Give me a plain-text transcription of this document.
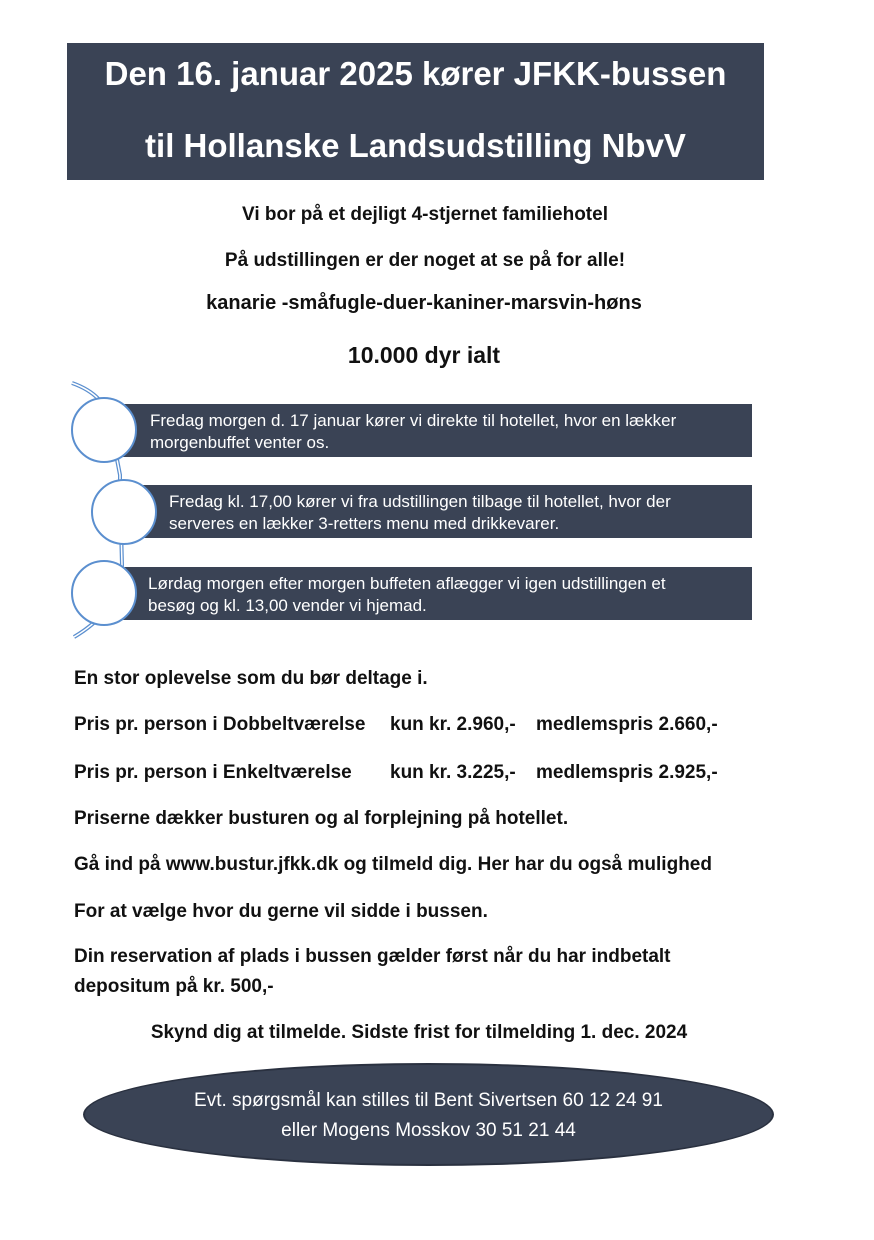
Den 16. januar 2025 kører JFKK-bussen
til Hollanske Landsudstilling NbvV
Vi bor på et dejligt 4-stjernet familiehotel
På udstillingen er der noget at se på for alle!
kanarie -småfugle-duer-kaniner-marsvin-høns
10.000 dyr ialt
Fredag morgen d. 17 januar kører vi direkte til hotellet, hvor en lækker
morgenbuffet venter os.
Fredag kl. 17,00 kører vi fra udstillingen tilbage til hotellet, hvor der
serveres en lækker 3-retters menu med drikkevarer.
Lørdag morgen efter morgen buffeten aflægger vi igen udstillingen et
besøg og kl. 13,00 vender vi hjemad.
En stor oplevelse som du bør deltage i.
Pris pr. person i Dobbeltværelse kun kr. 2.960,- medlemspris 2.660,-
Pris pr. person i Enkeltværelse kun kr. 3.225,- medlemspris 2.925,-
Priserne dækker busturen og al forplejning på hotellet.
Gå ind på www.bustur.jfkk.dk og tilmeld dig. Her har du også mulighed
For at vælge hvor du gerne vil sidde i bussen.
Din reservation af plads i bussen gælder først når du har indbetalt
depositum på kr. 500,-
Skynd dig at tilmelde. Sidste frist for tilmelding 1. dec. 2024
Evt. spørgsmål kan stilles til Bent Sivertsen 60 12 24 91
eller Mogens Mosskov 30 51 21 44
